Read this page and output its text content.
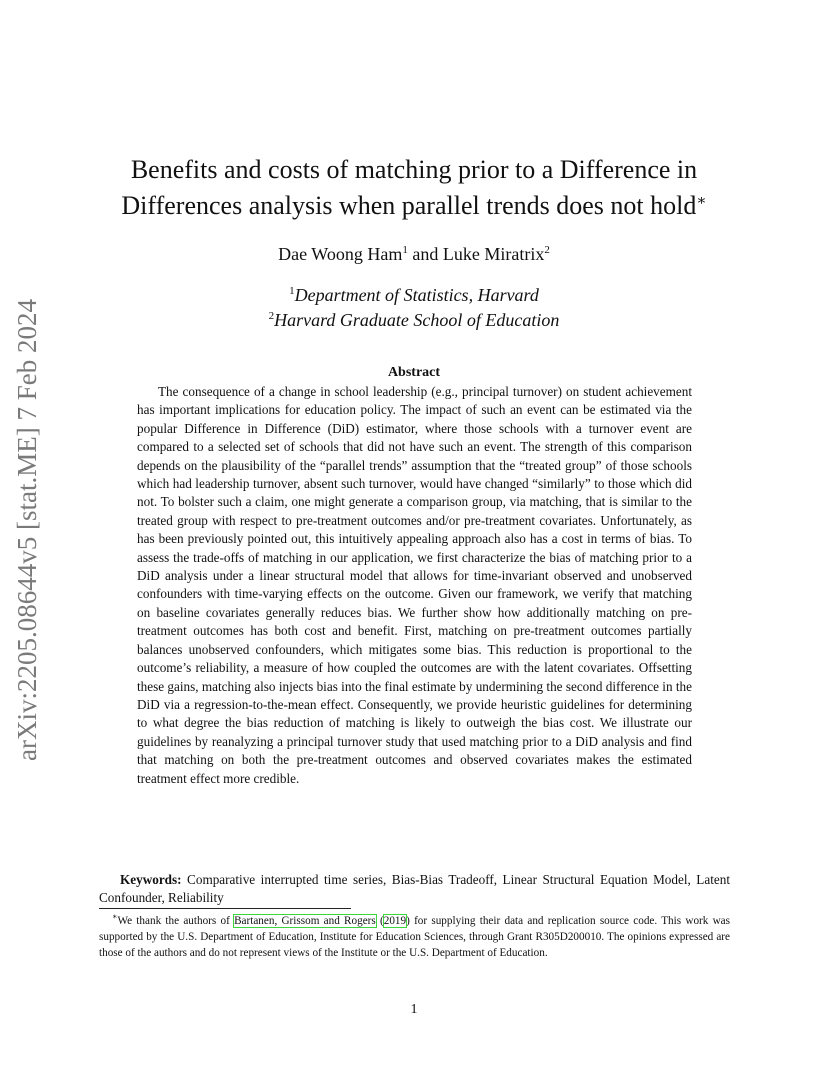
arXiv:2205.08644v5 [stat.ME] 7 Feb 2024
Benefits and costs of matching prior to a Difference in
Differences analysis when parallel trends does not hold∗
Dae Woong Ham$^1$ and Luke Miratrix$^2$
$^1$Department of Statistics, Harvard
$^2$Harvard Graduate School of Education
Abstract

The consequence of a change in school leadership (e.g., principal turnover) on student achievement has important implications for education policy. The impact of such an event can be estimated via the popular Difference in Difference (DiD) estimator, where those schools with a turnover event are compared to a selected set of schools that did not have such an event. The strength of this comparison depends on the plausibility of the “parallel trends” assumption that the “treated group” of those schools which had leadership turnover, absent such turnover, would have changed “similarly” to those which did not. To bolster such a claim, one might generate a comparison group, via matching, that is similar to the treated group with respect to pre-treatment outcomes and/or pre-treatment covariates. Unfortunately, as has been previously pointed out, this intuitively appealing approach also has a cost in terms of bias. To assess the trade-offs of matching in our application, we first characterize the bias of matching prior to a DiD analysis under a linear structural model that allows for time-invariant observed and unobserved confounders with time-varying effects on the outcome. Given our framework, we verify that matching on baseline covariates generally reduces bias. We further show how additionally matching on pre-treatment outcomes has both cost and benefit. First, matching on pre-treatment outcomes partially balances unobserved confounders, which mitigates some bias. This reduction is proportional to the outcome’s reliability, a measure of how coupled the outcomes are with the latent covariates. Offsetting these gains, matching also injects bias into the final estimate by undermining the second difference in the DiD via a regression-to-the-mean effect. Consequently, we provide heuristic guidelines for determining to what degree the bias reduction of matching is likely to outweigh the bias cost. We illustrate our guidelines by reanalyzing a principal turnover study that used matching prior to a DiD analysis and find that matching on both the pre-treatment outcomes and observed covariates makes the estimated treatment effect more credible.

Keywords: Comparative interrupted time series, Bias-Bias Tradeoff, Linear Structural Equation Model, Latent Confounder, Reliability

∗We thank the authors of Bartanen, Grissom and Rogers (2019) for supplying their data and replication source code. This work was supported by the U.S. Department of Education, Institute for Education Sciences, through Grant R305D200010. The opinions expressed are those of the authors and do not represent views of the Institute or the U.S. Department of Education.

1
